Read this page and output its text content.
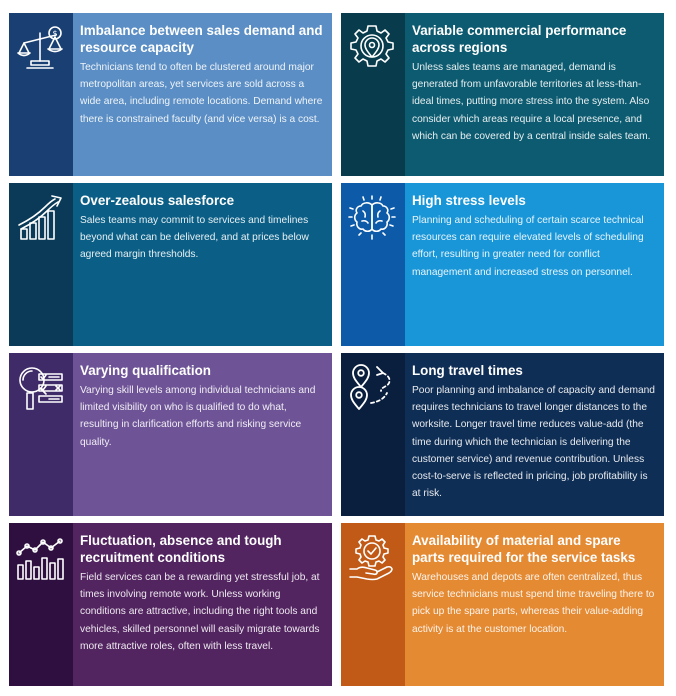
$ Imbalance between sales demand and resource capacity

Technicians tend to often be clustered around major metropolitan areas, yet services are sold across a wide area, including remote locations. Demand where there is constrained faculty (and vice versa) is a cost.

Variable commercial performance across regions

Unless sales teams are managed, demand is generated from unfavorable territories at less-than-ideal times, putting more stress into the system. Also consider which areas require a local presence, and which can be covered by a central inside sales team.

Over-zealous salesforce

Sales teams may commit to services and timelines beyond what can be delivered, and at prices below agreed margin thresholds.

High stress levels

Planning and scheduling of certain scarce technical resources can require elevated levels of scheduling effort, resulting in greater need for conflict management and increased stress on personnel.

Varying qualification

Varying skill levels among individual technicians and limited visibility on who is qualified to do what, resulting in clarification efforts and risking service quality.

Long travel times

Poor planning and imbalance of capacity and demand requires technicians to travel longer distances to the worksite. Longer travel time reduces value-add (the time during which the technician is delivering the customer service) and revenue contribution. Unless cost-to-serve is reflected in pricing, job profitability is at risk.

Fluctuation, absence and tough recruitment conditions

Field services can be a rewarding yet stressful job, at times involving remote work. Unless working conditions are attractive, including the right tools and vehicles, skilled personnel will easily migrate towards more attractive roles, often with less travel.

Availability of material and spare parts required for the service tasks

Warehouses and depots are often centralized, thus service technicians must spend time traveling there to pick up the spare parts, whereas their value-adding activity is at the customer location.
